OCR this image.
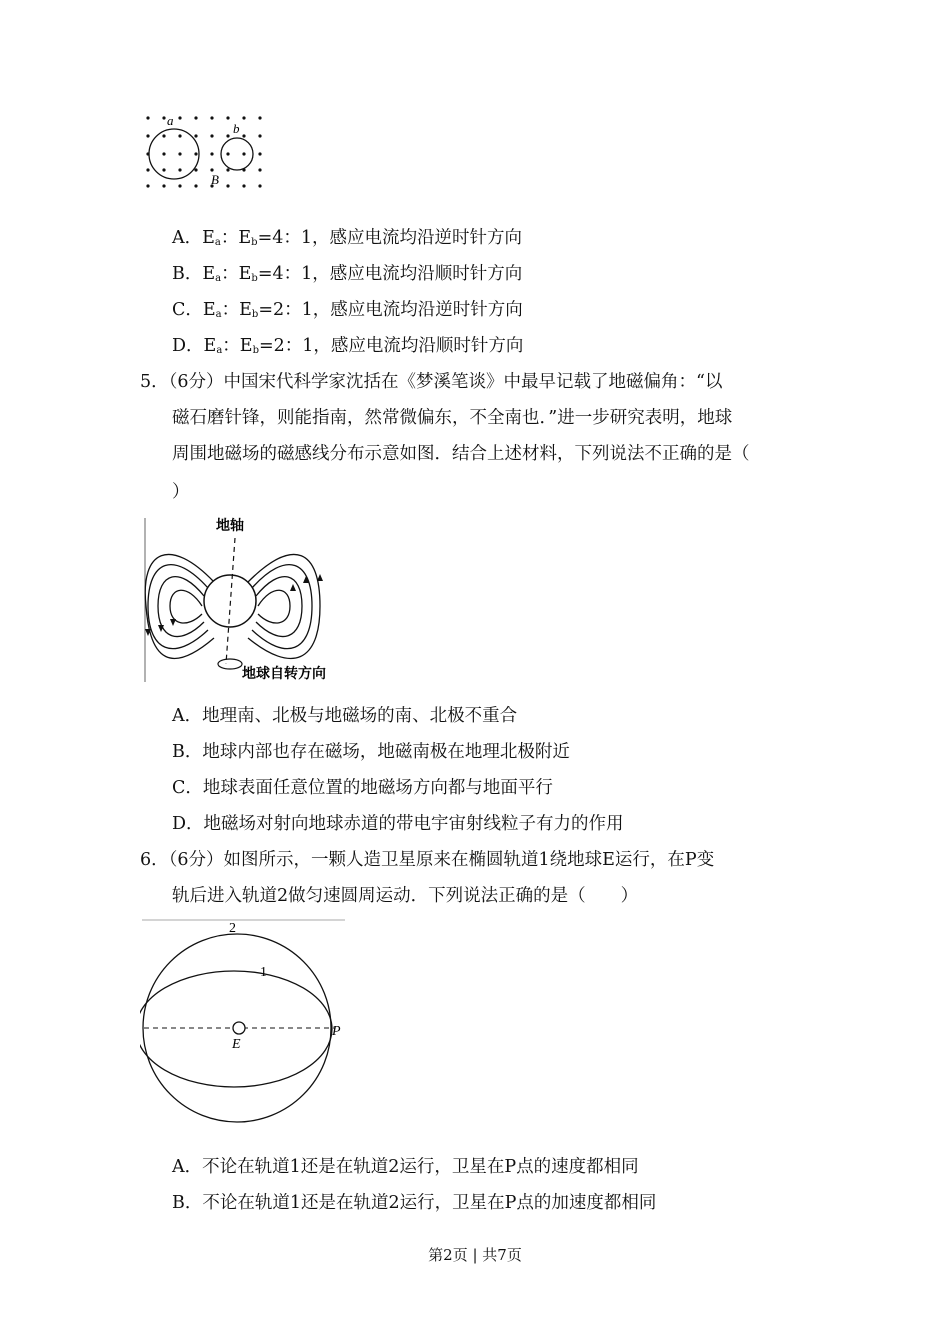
a
b
B
A．$E_a$：$E_b=4$：1，感应电流均沿逆时针方向
B．$E_a$：$E_b=4$：1，感应电流均沿顺时针方向
C．$E_a$：$E_b=2$：1，感应电流均沿逆时针方向
D．$E_a$：$E_b=2$：1，感应电流均沿顺时针方向
5．（6分）中国宋代科学家沈括在《梦溪笔谈》中最早记载了地磁偏角：“以
磁石磨针锋，则能指南，然常微偏东，不全南也．”进一步研究表明，地球
周围地磁场的磁感线分布示意如图．结合上述材料，下列说法不正确的是（
）
地轴
地球自转方向
A．地理南、北极与地磁场的南、北极不重合
B．地球内部也存在磁场，地磁南极在地理北极附近
C．地球表面任意位置的地磁场方向都与地面平行
D．地磁场对射向地球赤道的带电宇宙射线粒子有力的作用
6．（6分）如图所示，一颗人造卫星原来在椭圆轨道1绕地球E运行，在P变
轨后进入轨道2做匀速圆周运动．下列说法正确的是（　　）
2
1
E
P
A．不论在轨道1还是在轨道2运行，卫星在P点的速度都相同
B．不论在轨道1还是在轨道2运行，卫星在P点的加速度都相同
第2页 | 共7页
